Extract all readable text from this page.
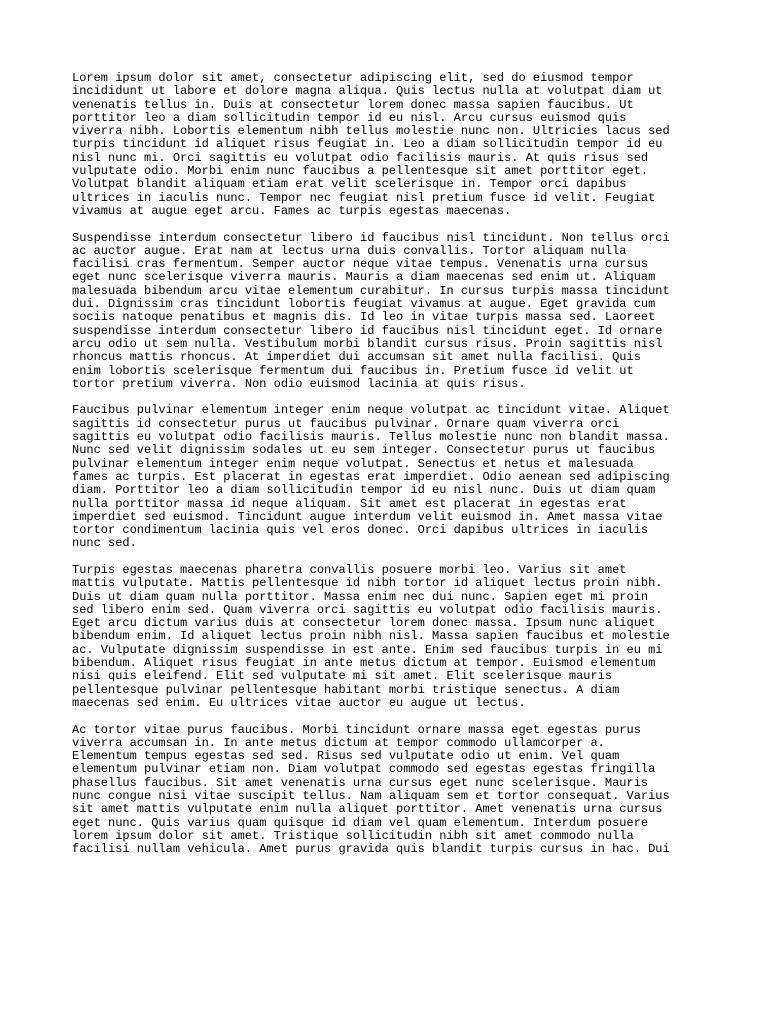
Lorem ipsum dolor sit amet, consectetur adipiscing elit, sed do eiusmod tempor
incididunt ut labore et dolore magna aliqua. Quis lectus nulla at volutpat diam ut
venenatis tellus in. Duis at consectetur lorem donec massa sapien faucibus. Ut
porttitor leo a diam sollicitudin tempor id eu nisl. Arcu cursus euismod quis
viverra nibh. Lobortis elementum nibh tellus molestie nunc non. Ultricies lacus sed
turpis tincidunt id aliquet risus feugiat in. Leo a diam sollicitudin tempor id eu
nisl nunc mi. Orci sagittis eu volutpat odio facilisis mauris. At quis risus sed
vulputate odio. Morbi enim nunc faucibus a pellentesque sit amet porttitor eget.
Volutpat blandit aliquam etiam erat velit scelerisque in. Tempor orci dapibus
ultrices in iaculis nunc. Tempor nec feugiat nisl pretium fusce id velit. Feugiat
vivamus at augue eget arcu. Fames ac turpis egestas maecenas.
Suspendisse interdum consectetur libero id faucibus nisl tincidunt. Non tellus orci
ac auctor augue. Erat nam at lectus urna duis convallis. Tortor aliquam nulla
facilisi cras fermentum. Semper auctor neque vitae tempus. Venenatis urna cursus
eget nunc scelerisque viverra mauris. Mauris a diam maecenas sed enim ut. Aliquam
malesuada bibendum arcu vitae elementum curabitur. In cursus turpis massa tincidunt
dui. Dignissim cras tincidunt lobortis feugiat vivamus at augue. Eget gravida cum
sociis natoque penatibus et magnis dis. Id leo in vitae turpis massa sed. Laoreet
suspendisse interdum consectetur libero id faucibus nisl tincidunt eget. Id ornare
arcu odio ut sem nulla. Vestibulum morbi blandit cursus risus. Proin sagittis nisl
rhoncus mattis rhoncus. At imperdiet dui accumsan sit amet nulla facilisi. Quis
enim lobortis scelerisque fermentum dui faucibus in. Pretium fusce id velit ut
tortor pretium viverra. Non odio euismod lacinia at quis risus.
Faucibus pulvinar elementum integer enim neque volutpat ac tincidunt vitae. Aliquet
sagittis id consectetur purus ut faucibus pulvinar. Ornare quam viverra orci
sagittis eu volutpat odio facilisis mauris. Tellus molestie nunc non blandit massa.
Nunc sed velit dignissim sodales ut eu sem integer. Consectetur purus ut faucibus
pulvinar elementum integer enim neque volutpat. Senectus et netus et malesuada
fames ac turpis. Est placerat in egestas erat imperdiet. Odio aenean sed adipiscing
diam. Porttitor leo a diam sollicitudin tempor id eu nisl nunc. Duis ut diam quam
nulla porttitor massa id neque aliquam. Sit amet est placerat in egestas erat
imperdiet sed euismod. Tincidunt augue interdum velit euismod in. Amet massa vitae
tortor condimentum lacinia quis vel eros donec. Orci dapibus ultrices in iaculis
nunc sed.
Turpis egestas maecenas pharetra convallis posuere morbi leo. Varius sit amet
mattis vulputate. Mattis pellentesque id nibh tortor id aliquet lectus proin nibh.
Duis ut diam quam nulla porttitor. Massa enim nec dui nunc. Sapien eget mi proin
sed libero enim sed. Quam viverra orci sagittis eu volutpat odio facilisis mauris.
Eget arcu dictum varius duis at consectetur lorem donec massa. Ipsum nunc aliquet
bibendum enim. Id aliquet lectus proin nibh nisl. Massa sapien faucibus et molestie
ac. Vulputate dignissim suspendisse in est ante. Enim sed faucibus turpis in eu mi
bibendum. Aliquet risus feugiat in ante metus dictum at tempor. Euismod elementum
nisi quis eleifend. Elit sed vulputate mi sit amet. Elit scelerisque mauris
pellentesque pulvinar pellentesque habitant morbi tristique senectus. A diam
maecenas sed enim. Eu ultrices vitae auctor eu augue ut lectus.
Ac tortor vitae purus faucibus. Morbi tincidunt ornare massa eget egestas purus
viverra accumsan in. In ante metus dictum at tempor commodo ullamcorper a.
Elementum tempus egestas sed sed. Risus sed vulputate odio ut enim. Vel quam
elementum pulvinar etiam non. Diam volutpat commodo sed egestas egestas fringilla
phasellus faucibus. Sit amet venenatis urna cursus eget nunc scelerisque. Mauris
nunc congue nisi vitae suscipit tellus. Nam aliquam sem et tortor consequat. Varius
sit amet mattis vulputate enim nulla aliquet porttitor. Amet venenatis urna cursus
eget nunc. Quis varius quam quisque id diam vel quam elementum. Interdum posuere
lorem ipsum dolor sit amet. Tristique sollicitudin nibh sit amet commodo nulla
facilisi nullam vehicula. Amet purus gravida quis blandit turpis cursus in hac. Dui
